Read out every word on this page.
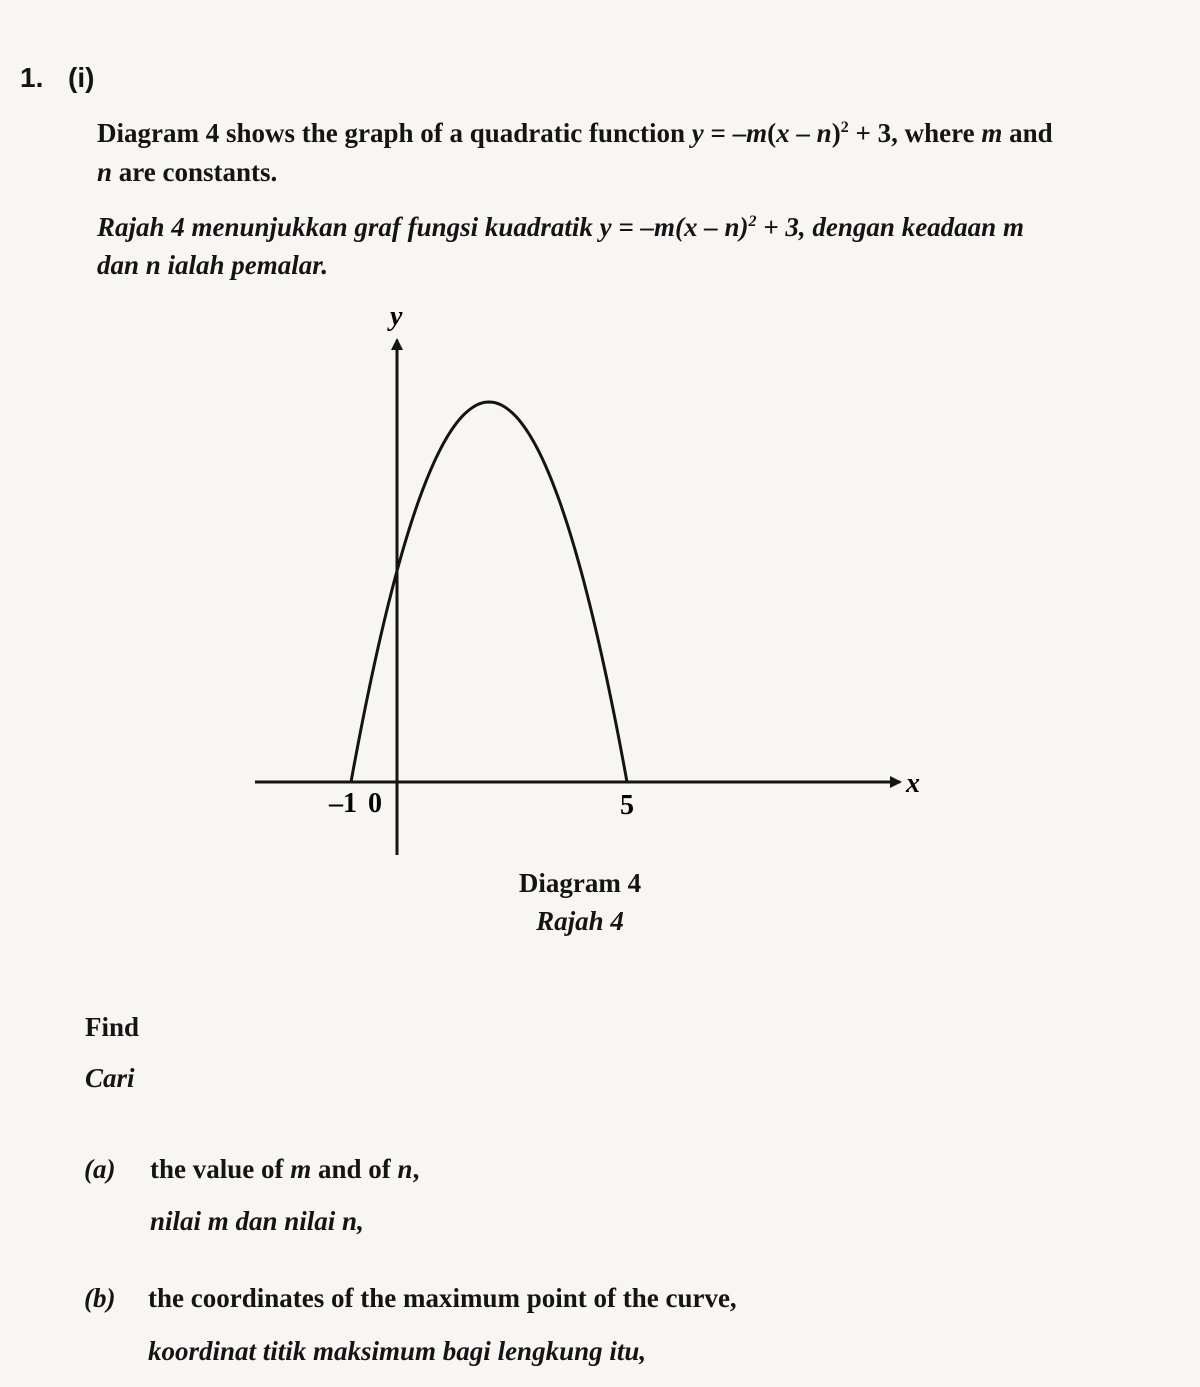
1. (i)
Diagram 4 shows the graph of a quadratic function y = –m(x – n)$^2$ + 3, where m and
n are constants.
Rajah 4 menunjukkan graf fungsi kuadratik y = –m(x – n)$^2$ + 3, dengan keadaan m
dan n ialah pemalar.
y
x
–1 0	5
Diagram 4
Rajah 4
Find
Cari
(a) the value of m and of n,
nilai m dan nilai n,
(b) the coordinates of the maximum point of the curve,
koordinat titik maksimum bagi lengkung itu,
